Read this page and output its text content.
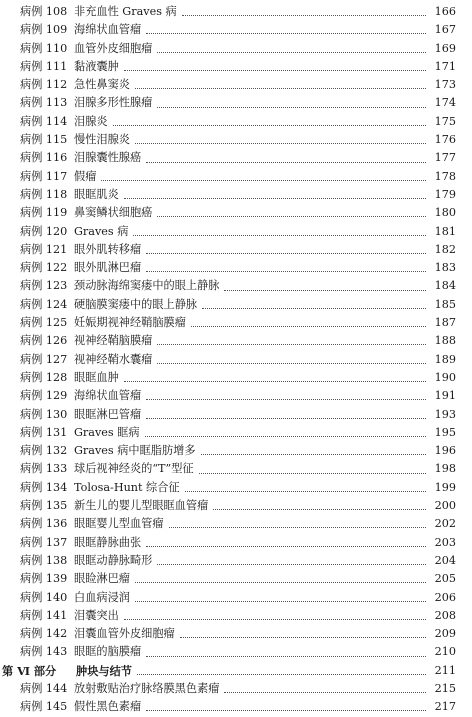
病例 108 非充血性 Graves 病	166
病例 109 海绵状血管瘤	167
病例 110 血管外皮细胞瘤	169
病例 111 黏液囊肿	171
病例 112 急性鼻窦炎	173
病例 113 泪腺多形性腺瘤	174
病例 114 泪腺炎	175
病例 115 慢性泪腺炎	176
病例 116 泪腺囊性腺癌	177
病例 117 假瘤	178
病例 118 眼眶肌炎	179
病例 119 鼻窦鳞状细胞癌	180
病例 120 Graves 病	181
病例 121 眼外肌转移瘤	182
病例 122 眼外肌淋巴瘤	183
病例 123 颈动脉海绵窦瘘中的眼上静脉	184
病例 124 硬脑膜窦瘘中的眼上静脉	185
病例 125 妊娠期视神经鞘脑膜瘤	187
病例 126 视神经鞘脑膜瘤	188
病例 127 视神经鞘水囊瘤	189
病例 128 眼眶血肿	190
病例 129 海绵状血管瘤	191
病例 130 眼眶淋巴管瘤	193
病例 131 Graves 眶病	195
病例 132 Graves 病中眶脂肪增多	196
病例 133 球后视神经炎的“T”型征	198
病例 134 Tolosa-Hunt 综合征	199
病例 135 新生儿的婴儿型眼眶血管瘤	200
病例 136 眼眶婴儿型血管瘤	202
病例 137 眼眶静脉曲张	203
病例 138 眼眶动静脉畸形	204
病例 139 眼睑淋巴瘤	205
病例 140 白血病浸润	206
病例 141 泪囊突出	208
病例 142 泪囊血管外皮细胞瘤	209
病例 143 眼眶的脑膜瘤	210
第 Ⅵ 部分	肿块与结节	211
病例 144 放射敷贴治疗脉络膜黑色素瘤	215
病例 145 假性黑色素瘤	217
